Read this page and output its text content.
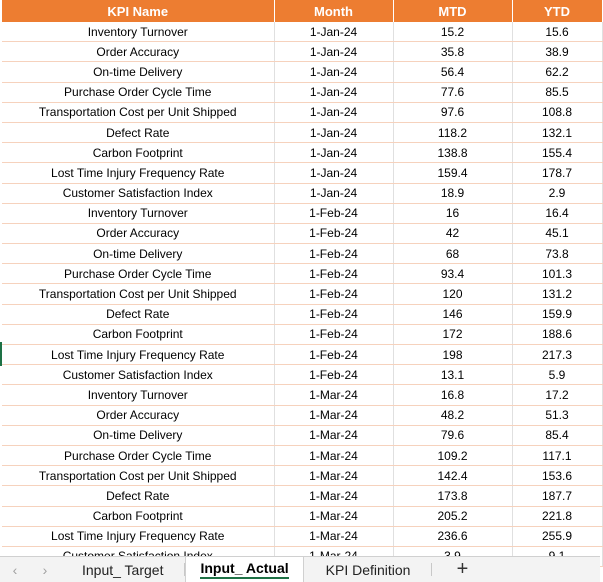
KPI Name	Month	MTD	YTD
Inventory Turnover	1-Jan-24	15.2	15.6
Order Accuracy	1-Jan-24	35.8	38.9
On-time Delivery	1-Jan-24	56.4	62.2
Purchase Order Cycle Time	1-Jan-24	77.6	85.5
Transportation Cost per Unit Shipped	1-Jan-24	97.6	108.8
Defect Rate	1-Jan-24	118.2	132.1
Carbon Footprint	1-Jan-24	138.8	155.4
Lost Time Injury Frequency Rate	1-Jan-24	159.4	178.7
Customer Satisfaction Index	1-Jan-24	18.9	2.9
Inventory Turnover	1-Feb-24	16	16.4
Order Accuracy	1-Feb-24	42	45.1
On-time Delivery	1-Feb-24	68	73.8
Purchase Order Cycle Time	1-Feb-24	93.4	101.3
Transportation Cost per Unit Shipped	1-Feb-24	120	131.2
Defect Rate	1-Feb-24	146	159.9
Carbon Footprint	1-Feb-24	172	188.6
Lost Time Injury Frequency Rate	1-Feb-24	198	217.3
Customer Satisfaction Index	1-Feb-24	13.1	5.9
Inventory Turnover	1-Mar-24	16.8	17.2
Order Accuracy	1-Mar-24	48.2	51.3
On-time Delivery	1-Mar-24	79.6	85.4
Purchase Order Cycle Time	1-Mar-24	109.2	117.1
Transportation Cost per Unit Shipped	1-Mar-24	142.4	153.6
Defect Rate	1-Mar-24	173.8	187.7
Carbon Footprint	1-Mar-24	205.2	221.8
Lost Time Injury Frequency Rate	1-Mar-24	236.6	255.9

‹	›	Input_ Target	Input_ Actual	KPI Definition	+
